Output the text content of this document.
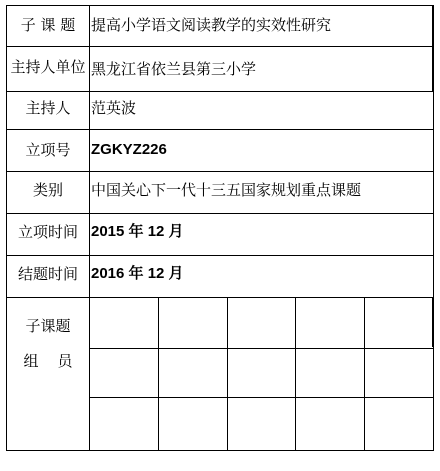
子 课 题	提高小学语文阅读教学的实效性研究
主持人单位 黑龙江省依兰县第三小学
主持人	范英波
立项号	ZGKYZ226
类别	中国关心下一代十三五国家规划重点课题
立项时间 2015 年 12 月
结题时间 2016 年 12 月
子课题
组    员
